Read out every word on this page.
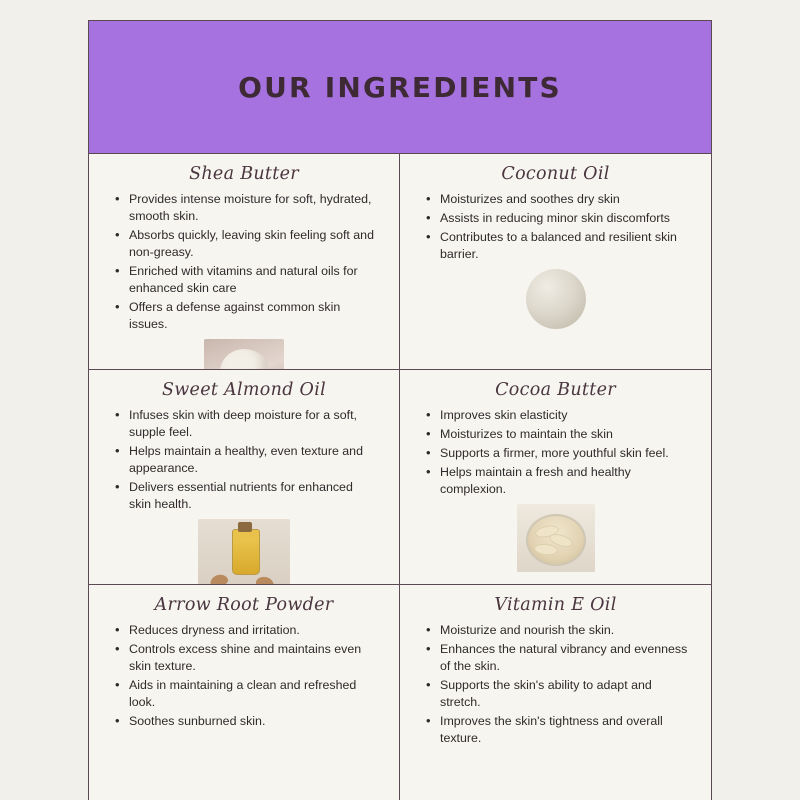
OUR INGREDIENTS
Shea Butter
• Provides intense moisture for soft, hydrated, smooth skin.
• Absorbs quickly, leaving skin feeling soft and non-greasy.
• Enriched with vitamins and natural oils for enhanced skin care
• Offers a defense against common skin issues.
Coconut Oil
• Moisturizes and soothes dry skin
• Assists in reducing minor skin discomforts
• Contributes to a balanced and resilient skin barrier.
Sweet Almond Oil
• Infuses skin with deep moisture for a soft, supple feel.
• Helps maintain a healthy, even texture and appearance.
• Delivers essential nutrients for enhanced skin health.
Cocoa Butter
• Improves skin elasticity
• Moisturizes to maintain the skin
• Supports a firmer, more youthful skin feel.
• Helps maintain a fresh and healthy complexion.
Arrow Root Powder
• Reduces dryness and irritation.
• Controls excess shine and maintains even skin texture.
• Aids in maintaining a clean and refreshed look.
• Soothes sunburned skin.
Vitamin E Oil
• Moisturize and nourish the skin.
• Enhances the natural vibrancy and evenness of the skin.
• Supports the skin's ability to adapt and stretch.
• Improves the skin's tightness and overall texture.
